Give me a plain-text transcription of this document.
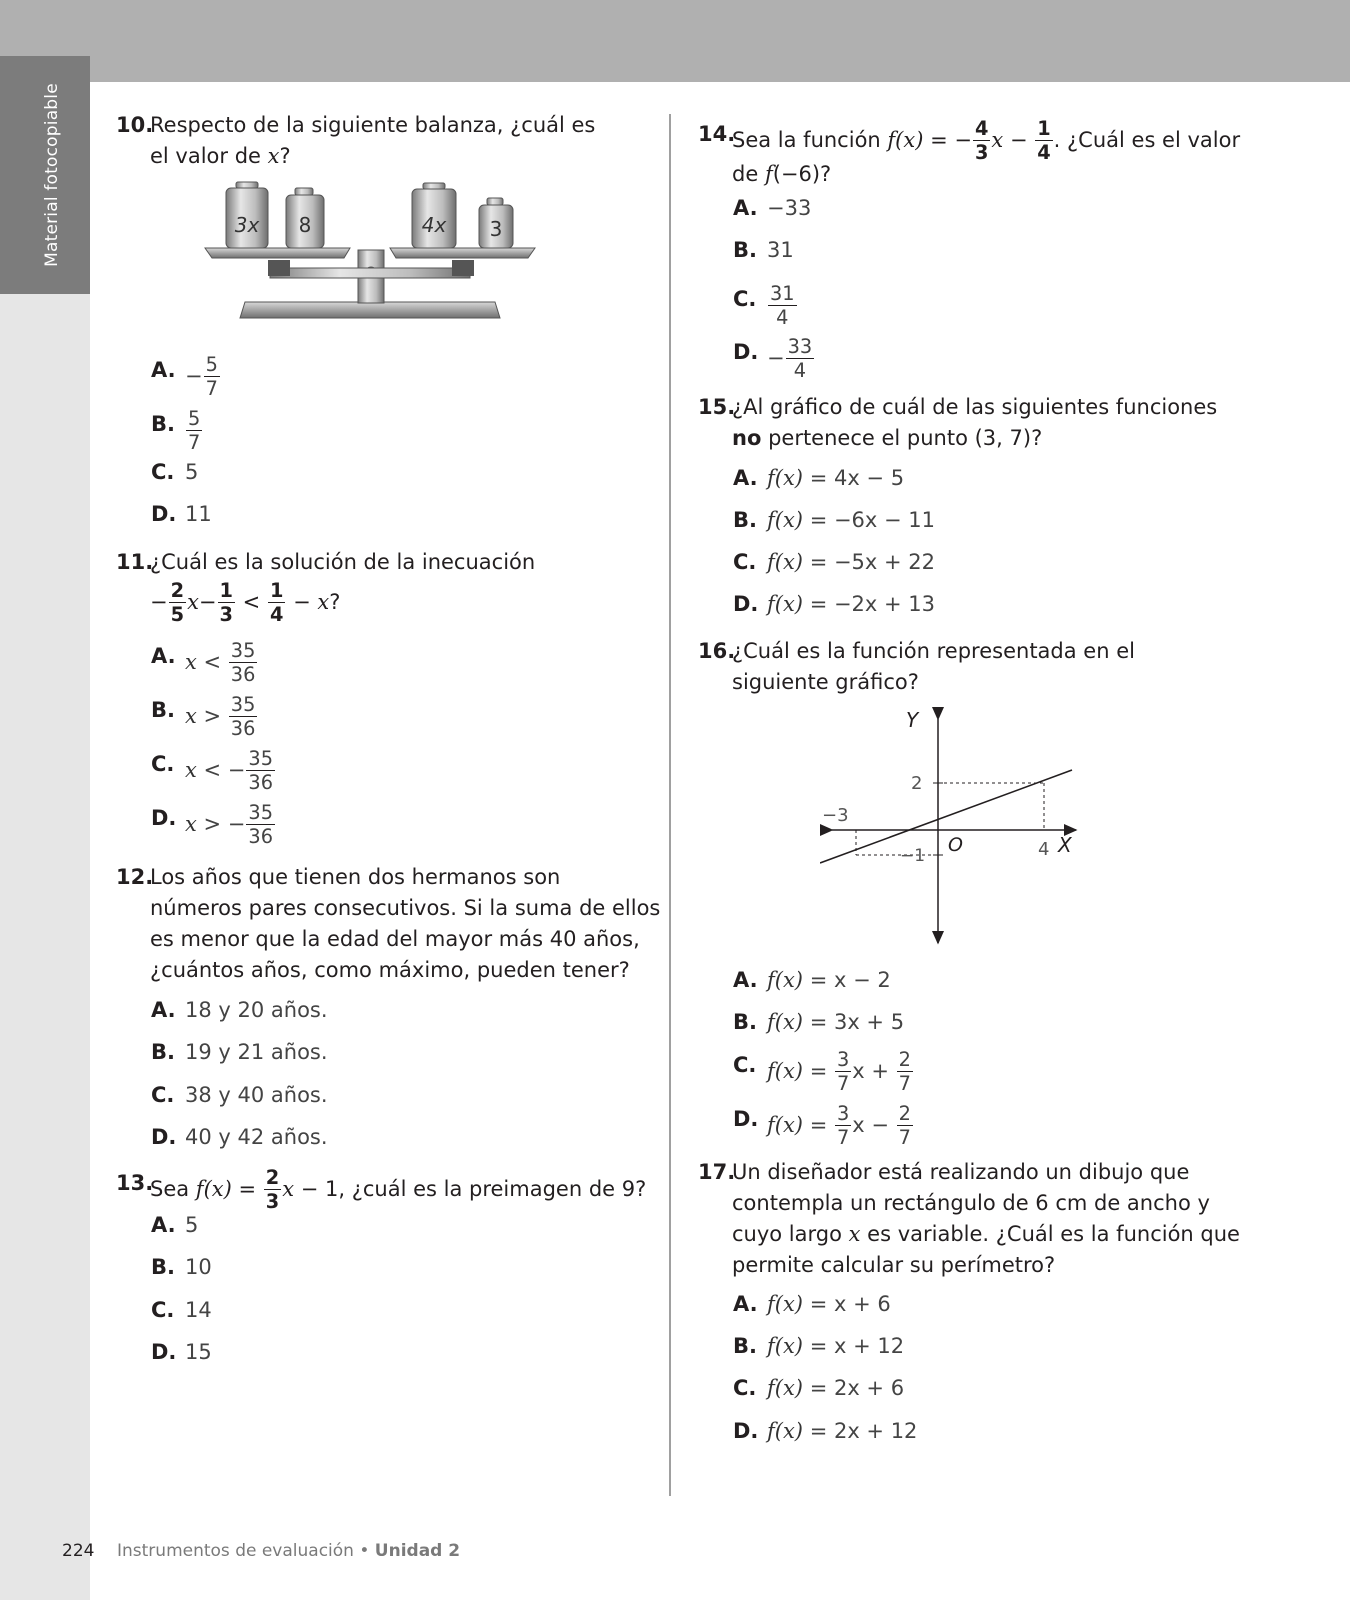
Material fotocopiable	10.
Respecto de la siguiente balanza, ¿cuál es
el valor de x?
3x 8	4x 3
A. − $\frac{5}{7}$
B. $\frac{5}{7}$
C. 5
D. 11
11.
¿Cuál es la solución de la inecuación
− $\frac{2}{5} x- \frac{1}{3} < \frac{1}{4} - x$?
A. $x < \frac{35}{36}$
B. $x > \frac{35}{36}$
C. x < − $\frac{35}{36}$
D. x > − $\frac{35}{36}$
12.
Los años que tienen dos hermanos son
números pares consecutivos. Si la suma de ellos
es menor que la edad del mayor más 40 años,
¿cuántos años, como máximo, pueden tener?
A. 18 y 20 años.
B. 19 y 21 años.
C. 38 y 40 años.
D. 40 y 42 años.
13.
Sea $f(x) = \frac{2}{3}$ x − 1, ¿cuál es la preimagen de 9?
A. 5
B. 10
C. 14
D. 15
14.
Sea la función f(x) = − $\frac{4}{3}$ $x - \frac{1}{4}$ . ¿Cuál es el valor
de f(−6)?
A. −33
B. 31
C. $\frac{31}{4}$
D. − $\frac{33}{4}$
15.
¿Al gráfico de cuál de las siguientes funciones
no pertenece el punto (3, 7)?
A. f(x) = 4x − 5
B. f(x) = −6x − 11
C. f(x) = −5x + 22
D. f(x) = −2x + 13
16.
¿Cuál es la función representada en el
siguiente gráfico?
Y
X
O
2
−1
−3
4
A. f(x) = x − 2
B. f(x) = 3x + 5
C. $f(x) = \frac{3}{7}$ $x + \frac{2}{7}$
D. $f(x) = \frac{3}{7}$ $x - \frac{2}{7}$
17.
Un diseñador está realizando un dibujo que
contempla un rectángulo de 6 cm de ancho y
cuyo largo x es variable. ¿Cuál es la función que
permite calcular su perímetro?
A. f(x) = x + 6
B. f(x) = x + 12
C. f(x) = 2x + 6
D. f(x) = 2x + 12
224 Instrumentos de evaluación • Unidad 2
